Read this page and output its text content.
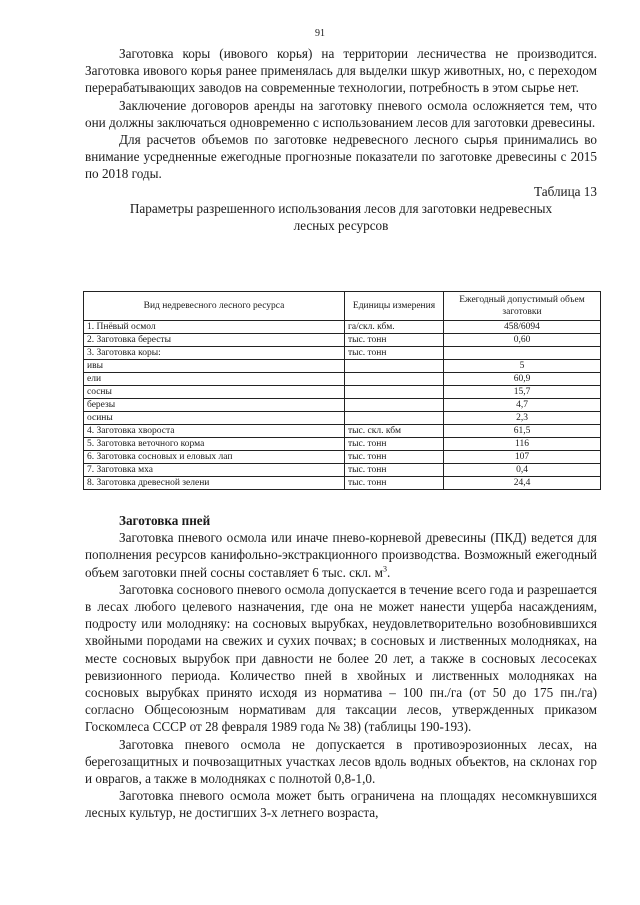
91

Заготовка коры (ивового корья) на территории лесничества не производится. Заготовка ивового корья ранее применялась для выделки шкур животных, но, с переходом перерабатывающих заводов на современные технологии, потребность в этом сырье нет.

Заключение договоров аренды на заготовку пневого осмола осложняется тем, что они должны заключаться одновременно с использованием лесов для заготовки древесины.

Для расчетов объемов по заготовке недревесного лесного сырья принимались во внимание усредненные ежегодные прогнозные показатели по заготовке древесины с 2015 по 2018 годы.

Таблица 13
Параметры разрешенного использования лесов для заготовки недревесных
лесных ресурсов
Вид недревесного лесного ресурса	Единицы измерения	Ежегодный допустимый объем заготовки
1. Пнёвый осмол	га/скл. кбм.	458/6094
2. Заготовка бересты	тыс. тонн	0,60
3. Заготовка коры:	тыс. тонн	
ивы		5
ели		60,9
сосны		15,7
березы		4,7
осины		2,3
4. Заготовка хвороста	тыс. скл. кбм	61,5
5. Заготовка веточного корма	тыс. тонн	116
6. Заготовка сосновых и еловых лап	тыс. тонн	107
7. Заготовка мха	тыс. тонн	0,4
8. Заготовка древесной зелени	тыс. тонн	24,4
Заготовка пней

Заготовка пневого осмола или иначе пнево-корневой древесины (ПКД) ведется для пополнения ресурсов канифольно-экстракционного производства. Возможный ежегодный объем заготовки пней сосны составляет 6 тыс. скл. $м^3$.

Заготовка соснового пневого осмола допускается в течение всего года и разрешается в лесах любого целевого назначения, где она не может нанести ущерба насаждениям, подросту или молодняку: на сосновых вырубках, неудовлетворительно возобновившихся хвойными породами на свежих и сухих почвах; в сосновых и лиственных молодняках, на месте сосновых вырубок при давности не более 20 лет, а также в сосновых лесосеках ревизионного периода. Количество пней в хвойных и лиственных молодняках на сосновых вырубках принято исходя из норматива – 100 пн./га (от 50 до 175 пн./га) согласно Общесоюзным нормативам для таксации лесов, утвержденных приказом Госкомлеса СССР от 28 февраля 1989 года № 38) (таблицы 190-193).

Заготовка пневого осмола не допускается в противоэрозионных лесах, на берегозащитных и почвозащитных участках лесов вдоль водных объектов, на склонах гор и оврагов, а также в молодняках с полнотой 0,8-1,0.

Заготовка пневого осмола может быть ограничена на площадях несомкнувшихся лесных культур, не достигших 3-х летнего возраста,
